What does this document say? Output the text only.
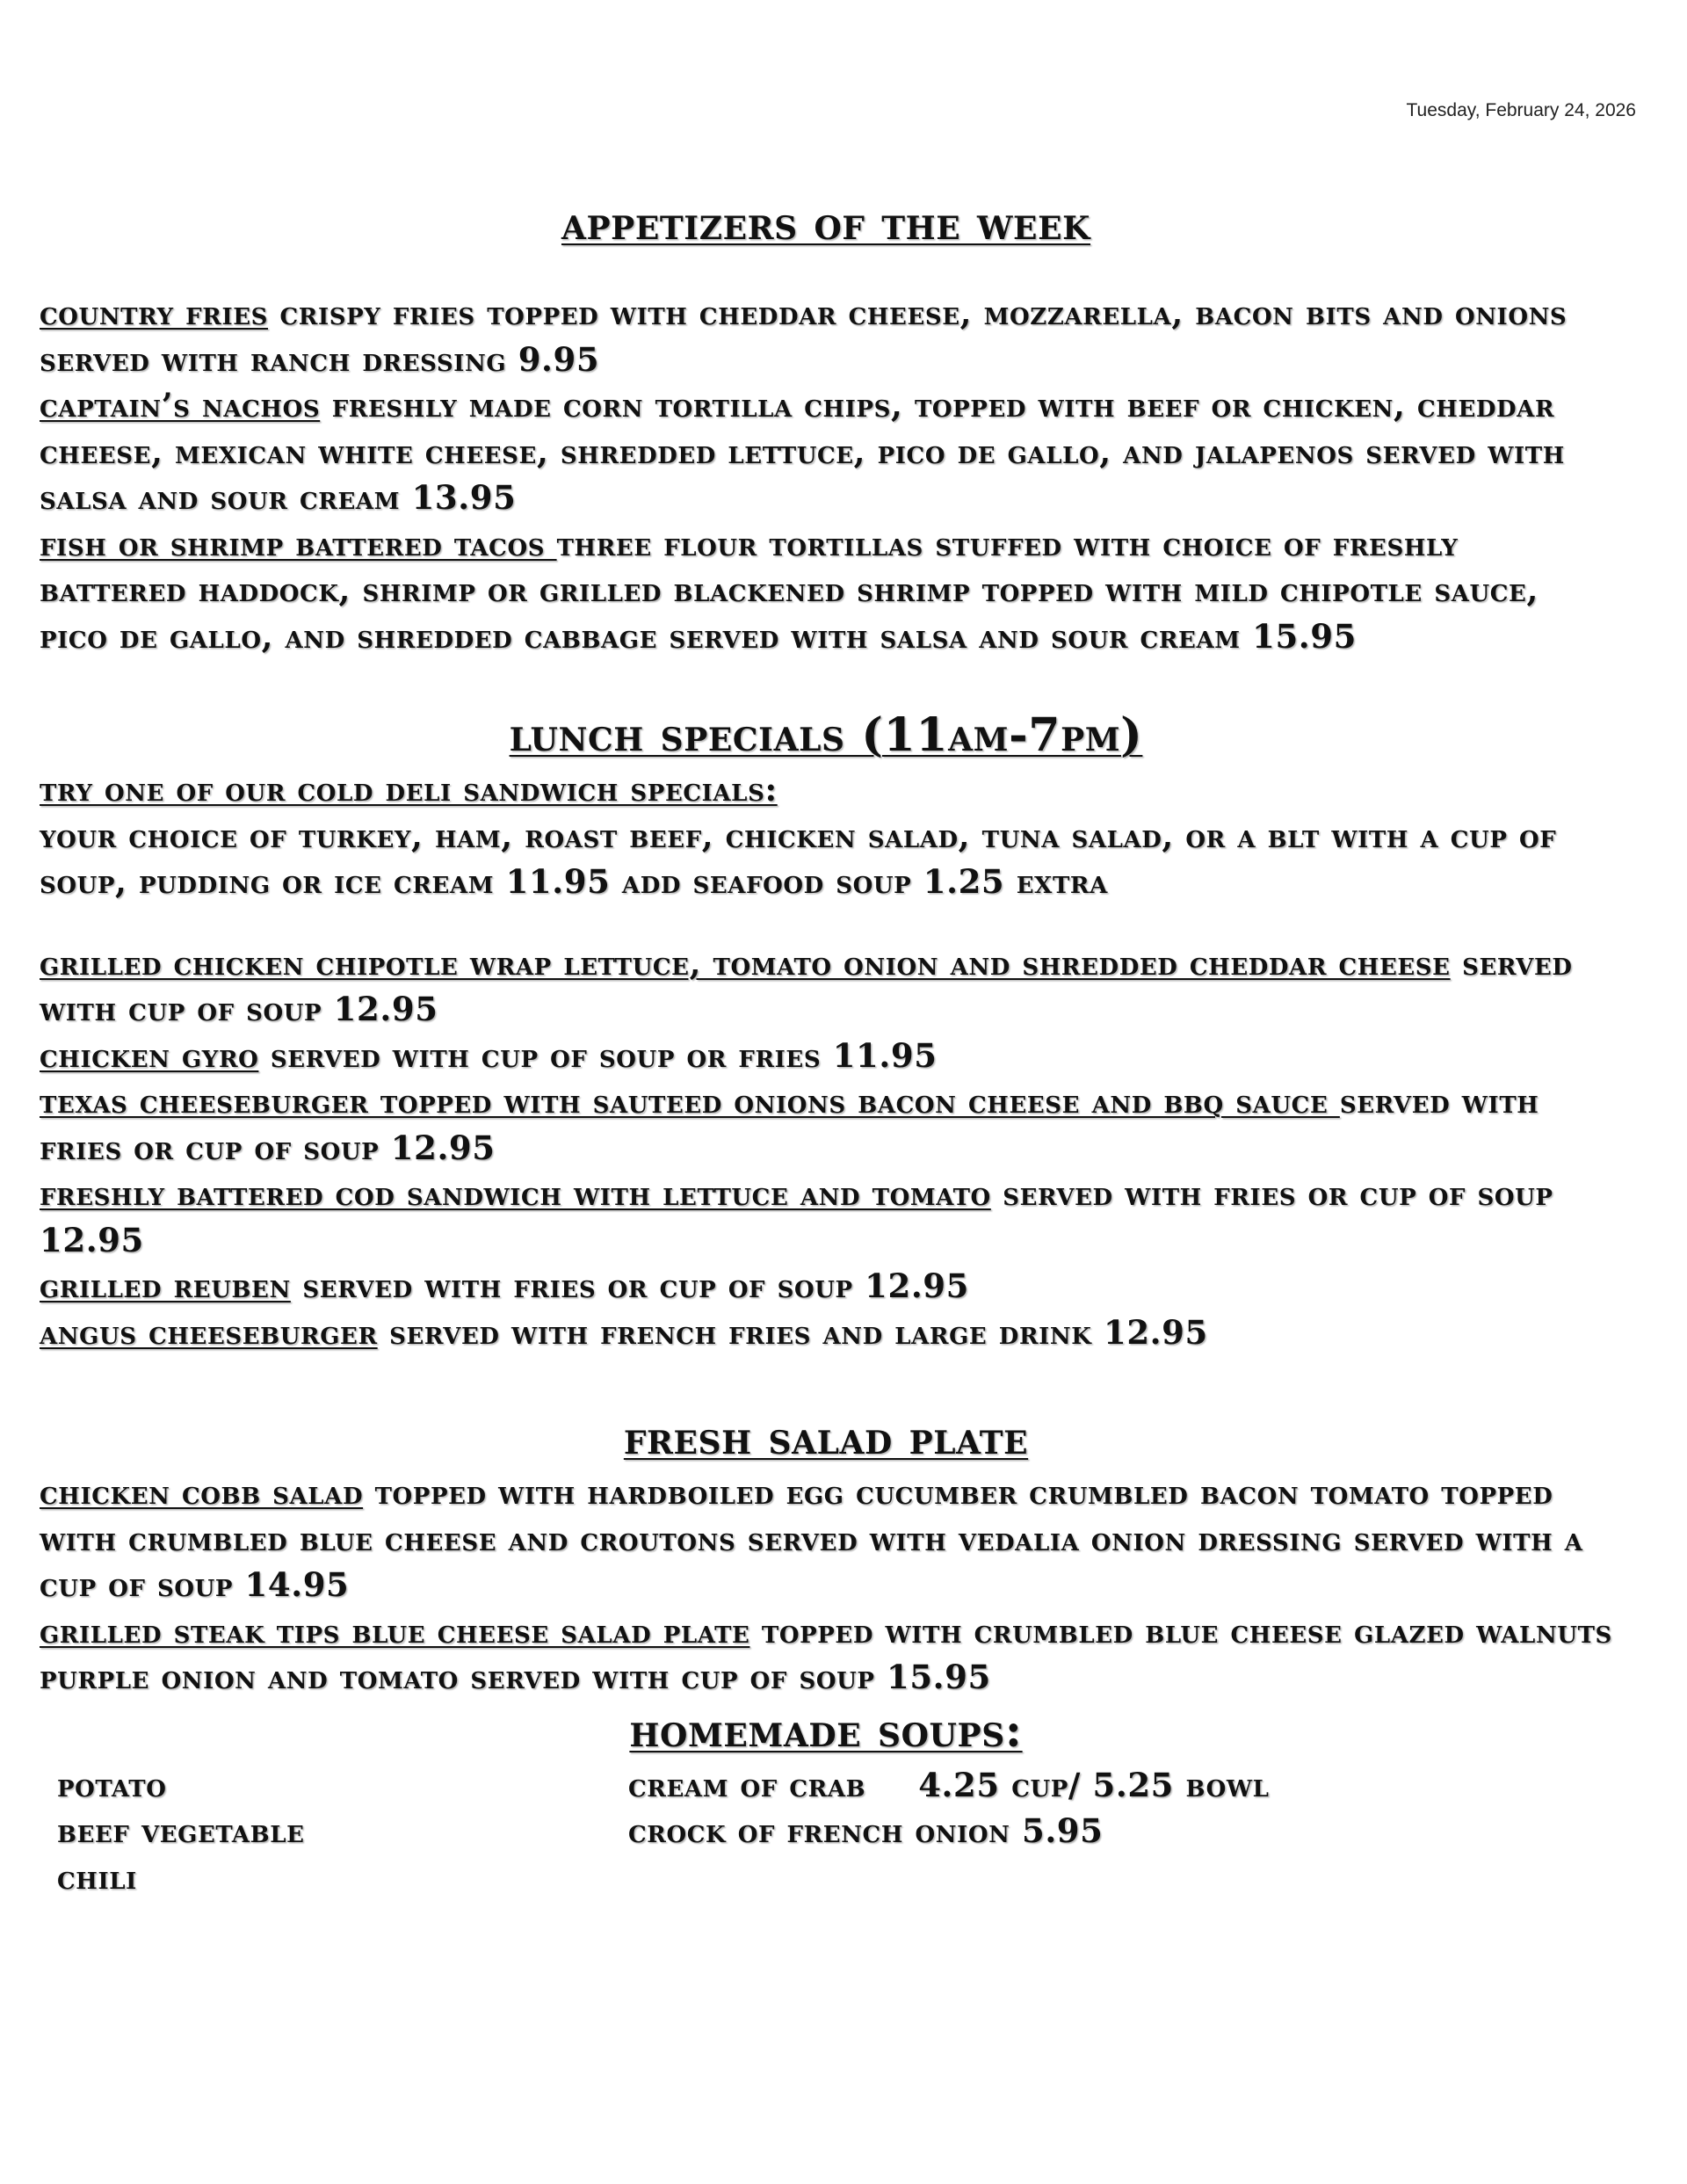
Tuesday, February 24, 2026
appetizers of the week

country fries crispy fries topped with cheddar cheese, mozzarella, bacon bits and onions served with ranch dressing 9.95

captain’s nachos freshly made corn tortilla chips, topped with beef or chicken, cheddar cheese, mexican white cheese, shredded lettuce, pico de gallo, and jalapenos served with salsa and sour cream 13.95

fish or shrimp battered tacos three flour tortillas stuffed with choice of freshly battered haddock, shrimp or grilled blackened shrimp topped with mild chipotle sauce, pico de gallo, and shredded cabbage served with salsa and sour cream 15.95

lunch specials (11am-7pm)

try one of our cold deli sandwich specials:

your choice of turkey, ham, roast beef, chicken salad, tuna salad, or a blt with a cup of soup, pudding or ice cream 11.95 add seafood soup 1.25 extra

grilled chicken chipotle wrap lettuce, tomato onion and shredded cheddar cheese served with cup of soup 12.95

chicken gyro served with cup of soup or fries 11.95

texas cheeseburger topped with sauteed onions bacon cheese and bbq sauce served with fries or cup of soup 12.95

freshly battered cod sandwich with lettuce and tomato served with fries or cup of soup 12.95

grilled reuben served with fries or cup of soup 12.95

angus cheeseburger served with french fries and large drink 12.95

fresh salad plate

chicken cobb salad topped with hardboiled egg cucumber crumbled bacon tomato topped with crumbled blue cheese and croutons served with vedalia onion dressing served with a cup of soup 14.95

grilled steak tips blue cheese salad plate topped with crumbled blue cheese glazed walnuts purple onion and tomato served with cup of soup 15.95

homemade soups:
potato	cream of crab 4.25 cup/ 5.25 bowl
beef vegetable	crock of french onion 5.95
chili
